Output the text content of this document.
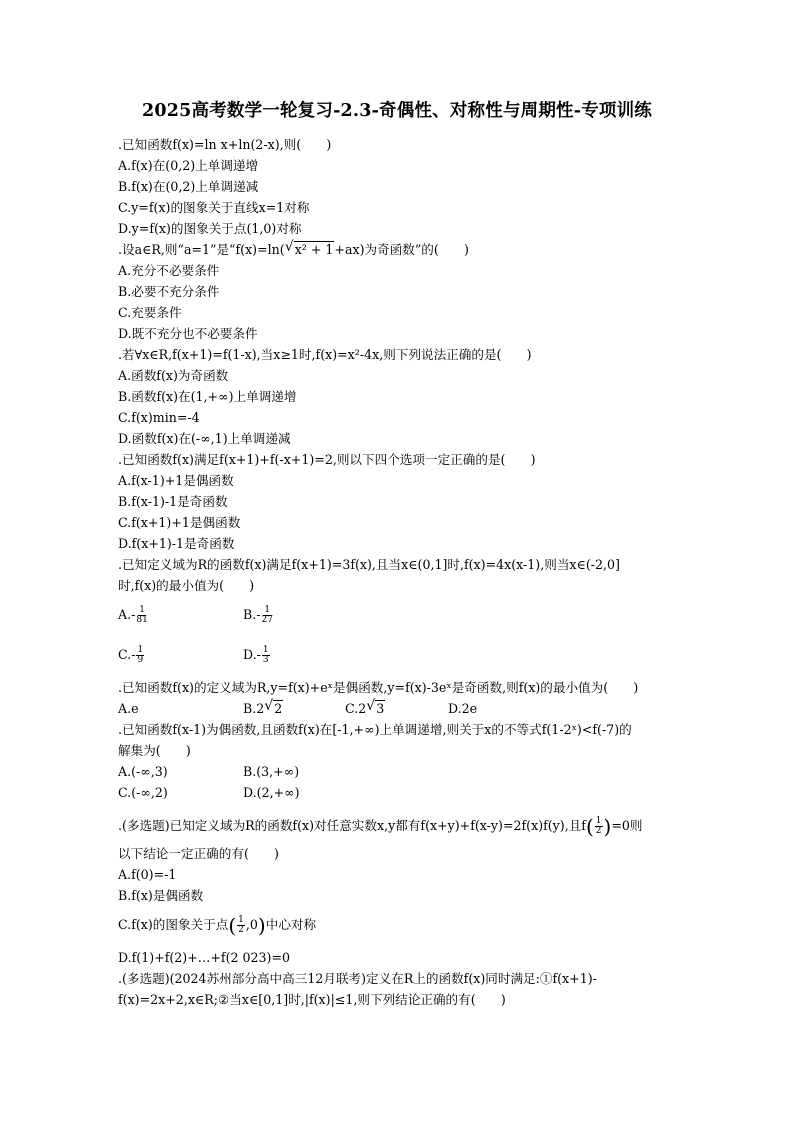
2025高考数学一轮复习-2.3-奇偶性、对称性与周期性-专项训练
.已知函数f(x)=ln x+ln(2-x),则(　　)
A.f(x)在(0,2)上单调递增
B.f(x)在(0,2)上单调递减
C.y=f(x)的图象关于直线x=1对称
D.y=f(x)的图象关于点(1,0)对称
.设a∈R,则“a=1”是“f(x)=ln( √ x² + 1+ax)为奇函数”的(　　)
A.充分不必要条件
B.必要不充分条件
C.充要条件
D.既不充分也不必要条件
.若∀x∈R,f(x+1)=f(1-x),当x≥1时,f(x)=x²-4x,则下列说法正确的是(　　)
A.函数f(x)为奇函数
B.函数f(x)在(1,+∞)上单调递增
C.f(x)min=-4
D.函数f(x)在(-∞,1)上单调递减
.已知函数f(x)满足f(x+1)+f(-x+1)=2,则以下四个选项一定正确的是(　　)
A.f(x-1)+1是偶函数
B.f(x-1)-1是奇函数
C.f(x+1)+1是偶函数
D.f(x+1)-1是奇函数
.已知定义域为R的函数f(x)满足f(x+1)=3f(x),且当x∈(0,1]时,f(x)=4x(x-1),则当x∈(-2,0]
时,f(x)的最小值为(　　)
$A.- \frac{1}{81}$	$B.- \frac{1}{27}$
$C.- \frac{1}{9}$	$D.- \frac{1}{3}$
.已知函数f(x)的定义域为R,y=f(x)+eˣ是偶函数,y=f(x)-3eˣ是奇函数,则f(x)的最小值为(　　)
A.e	B.2 √ 2	C.2 √ 3	D.2e
.已知函数f(x-1)为偶函数,且函数f(x)在[-1,+∞)上单调递增,则关于x的不等式f(1-2ˣ)<f(-7)的
解集为(　　)
A.(-∞,3)	B.(3,+∞)
C.(-∞,2)	D.(2,+∞)
.(多选题)已知定义域为R的函数f(x)对任意实数x,y都有f(x+y)+f(x-y)=2f(x)f(y),且$f( \frac{1}{2} )=0$则
以下结论一定正确的有(　　)
A.f(0)=-1
B.f(x)是偶函数
C.f(x)的图象关于点( $\frac{1}{2} ,0$)中心对称
D.f(1)+f(2)+…+f(2 023)=0
.(多选题)(2024苏州部分高中高三12月联考)定义在R上的函数f(x)同时满足:①f(x+1)-
f(x)=2x+2,x∈R;②当x∈[0,1]时,|f(x)|≤1,则下列结论正确的有(　　)
